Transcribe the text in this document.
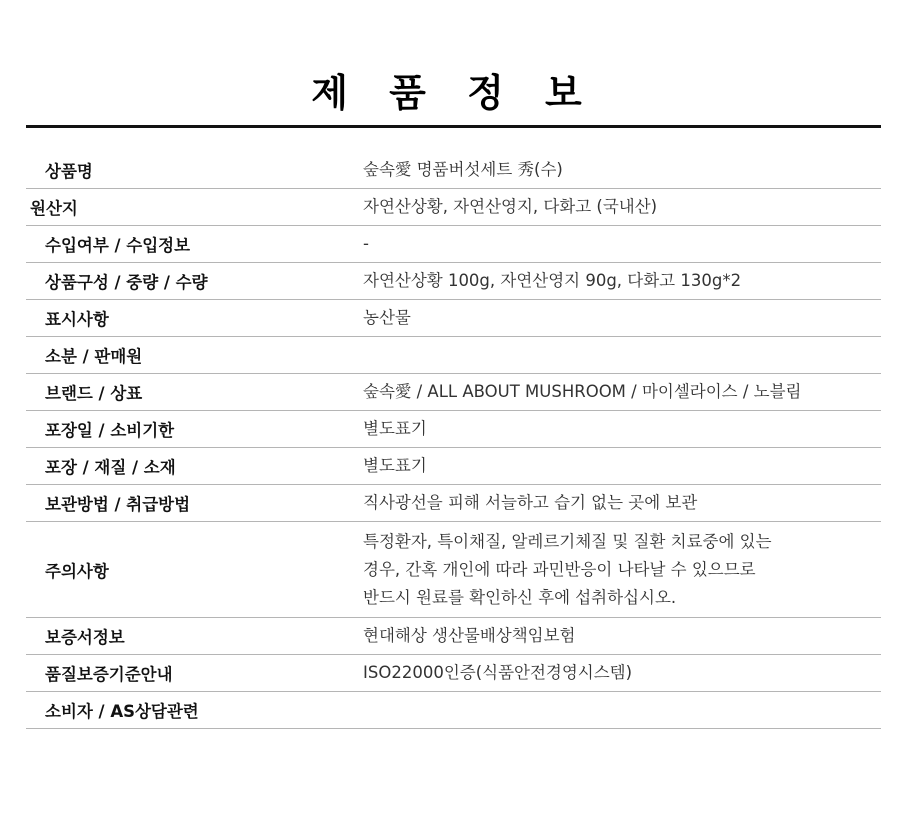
제 품 정 보
상품명	숲속愛 명품버섯세트 秀(수)
원산지	자연산상황, 자연산영지, 다화고 (국내산)
수입여부 / 수입정보	-
상품구성 / 중량 / 수량	자연산상황 100g, 자연산영지 90g, 다화고 130g*2
표시사항	농산물
소분 / 판매원	
브랜드 / 상표	숲속愛 / ALL ABOUT MUSHROOM / 마이셀라이스 / 노블림
포장일 / 소비기한	별도표기
포장 / 재질 / 소재	별도표기
보관방법 / 취급방법	직사광선을 피해 서늘하고 습기 없는 곳에 보관
주의사항	특정환자, 특이채질, 알레르기체질 및 질환 치료중에 있는
경우, 간혹 개인에 따라 과민반응이 나타날 수 있으므로
반드시 원료를 확인하신 후에 섭취하십시오.

보증서정보	현대해상 생산물배상책임보험
품질보증기준안내	ISO22000인증(식품안전경영시스템)
소비자 / AS상담관련	
